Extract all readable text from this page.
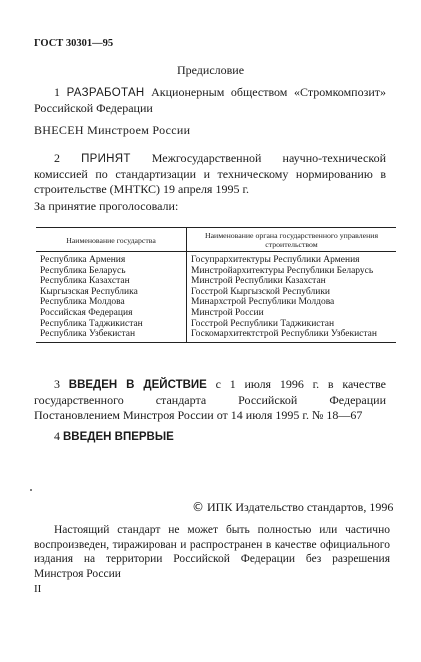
ГОСТ 30301—95
Предисловие
1 РАЗРАБОТАН Акционерным обществом «Стромкомпозит» Российской Федерации
ВНЕСЕН Минстроем России
2 ПРИНЯТ Межгосударственной научно-технической комиссией по стандартизации и техническому нормированию в строительстве (МНТКС) 19 апреля 1995 г.
За принятие проголосовали:
Наименование государства	Наименование органа государственного управления строительством
Республика Армения	Госупрархитектуры Республики Армения
Республика Беларусь	Минстройархитектуры Республики Беларусь
Республика Казахстан	Минстрой Республики Казахстан
Кыргызская Республика	Госстрой Кыргызской Республики
Республика Молдова	Минархстрой Республики Молдова
Российская Федерация	Минстрой России
Республика Таджикистан	Госстрой Республики Таджикистан
Республика Узбекистан	Госкомархитектстрой Республики Узбекистан
3 ВВЕДЕН В ДЕЙСТВИЕ с 1 июля 1996 г. в качестве государственного стандарта Российской Федерации Постановлением Минстроя России от 14 июля 1995 г. № 18—67
4 ВВЕДЕН ВПЕРВЫЕ
© ИПК Издательство стандартов, 1996
Настоящий стандарт не может быть полностью или частично воспроизведен, тиражирован и распространен в качестве официального издания на территории Российской Федерации без разрешения Минстроя России
II
